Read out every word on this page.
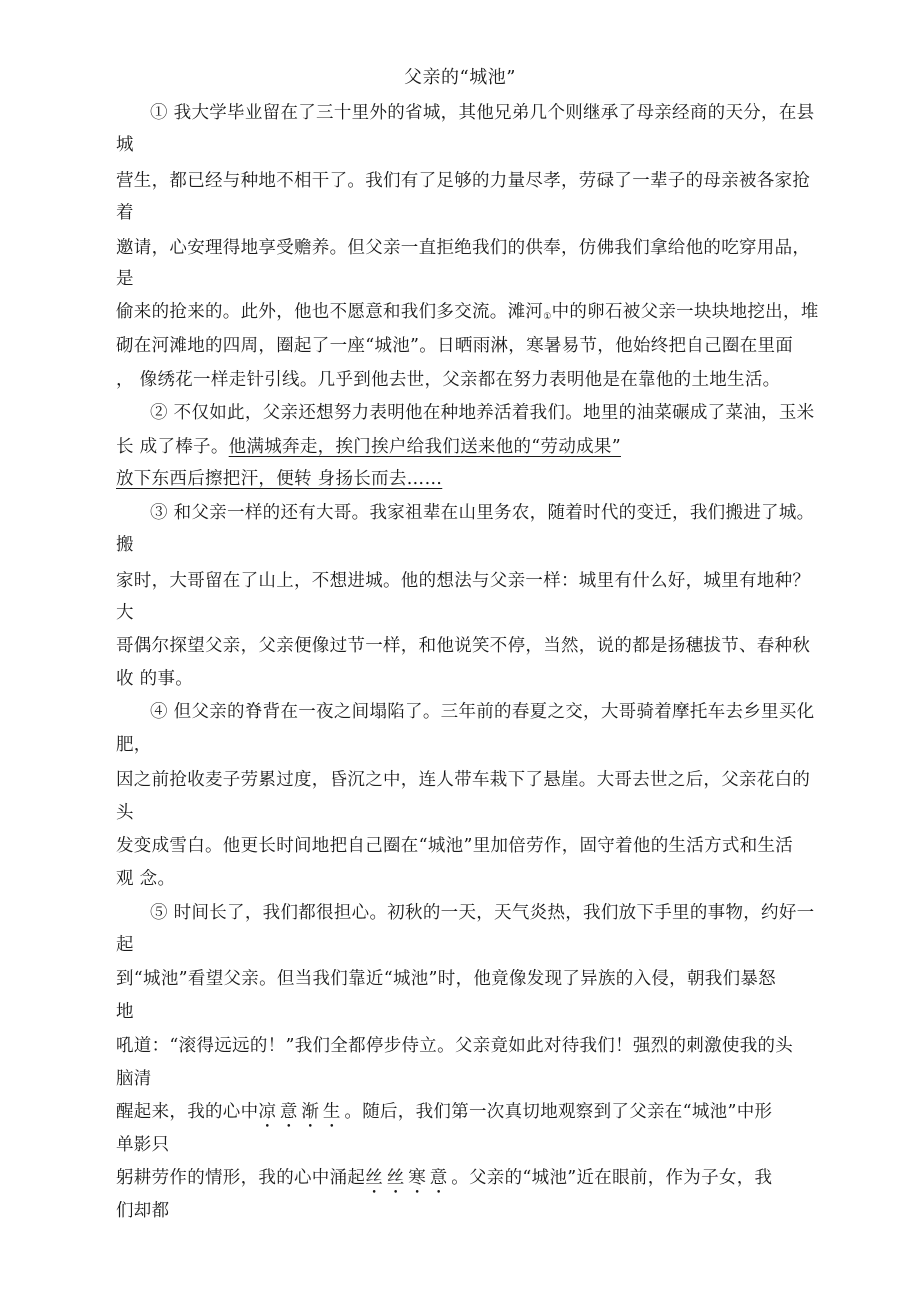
父亲的“城池”
① 我大学毕业留在了三十里外的省城，其他兄弟几个则继承了母亲经商的天分，在县
城
营生，都已经与种地不相干了。我们有了足够的力量尽孝，劳碌了一辈子的母亲被各家抢
着
邀请，心安理得地享受赡养。但父亲一直拒绝我们的供奉，仿佛我们拿给他的吃穿用品，
是
偷来的抢来的。此外，他也不愿意和我们多交流。滩河$_①$中的卵石被父亲一块块地挖出，堆
砌在河滩地的四周，圈起了一座“城池”。日晒雨淋，寒暑易节，他始终把自己圈在里面
， 像绣花一样走针引线。几乎到他去世，父亲都在努力表明他是在靠他的土地生活。
② 不仅如此，父亲还想努力表明他在种地养活着我们。地里的油菜碾成了菜油，玉米
长 成了棒子。他满城奔走，挨门挨户给我们送来他的“劳动成果”
放下东西后擦把汗，便转 身扬长而去……
③ 和父亲一样的还有大哥。我家祖辈在山里务农，随着时代的变迁，我们搬进了城。
搬
家时，大哥留在了山上，不想进城。他的想法与父亲一样：城里有什么好，城里有地种？
大
哥偶尔探望父亲，父亲便像过节一样，和他说笑不停，当然，说的都是扬穗拔节、春种秋
收 的事。
④ 但父亲的脊背在一夜之间塌陷了。三年前的春夏之交，大哥骑着摩托车去乡里买化
肥，
因之前抢收麦子劳累过度，昏沉之中，连人带车栽下了悬崖。大哥去世之后，父亲花白的
头
发变成雪白。他更长时间地把自己圈在“城池”里加倍劳作，固守着他的生活方式和生活
观 念。
⑤ 时间长了，我们都很担心。初秋的一天，天气炎热，我们放下手里的事物，约好一
起
到“城池”看望父亲。但当我们靠近“城池”时，他竟像发现了异族的入侵，朝我们暴怒
地
吼道：“滚得远远的！”我们全都停步侍立。父亲竟如此对待我们！强烈的刺激使我的头
脑清
醒起来，我的心中凉意渐生。随后，我们第一次真切地观察到了父亲在“城池”中形
单影只
躬耕劳作的情形，我的心中涌起丝丝寒意。父亲的“城池”近在眼前，作为子女，我
们却都
